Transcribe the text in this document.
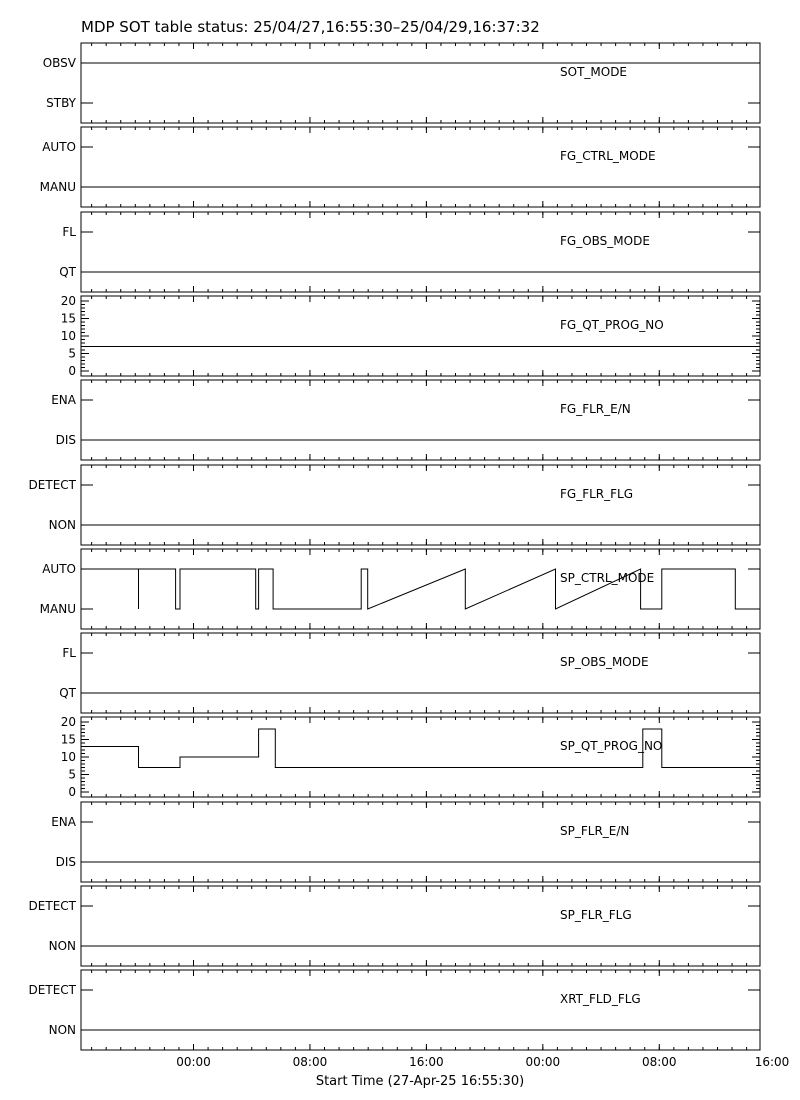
MDP SOT table status: 25/04/27,16:55:30–25/04/29,16:37:32
OBSV
STBY
SOT_MODE
AUTO
MANU
FG_CTRL_MODE
FL
QT
FG_OBS_MODE
0
5
10
15
20
FG_QT_PROG_NO
ENA
DIS
FG_FLR_E/N
DETECT
NON
FG_FLR_FLG
AUTO
MANU
SP_CTRL_MODE
FL
QT
SP_OBS_MODE
0
5
10
15
20
SP_QT_PROG_NO
ENA
DIS
SP_FLR_E/N
DETECT
NON
SP_FLR_FLG
DETECT
NON
XRT_FLD_FLG
00:00	08:00	16:00	00:00	08:00	16:00
Start Time (27-Apr-25 16:55:30)
